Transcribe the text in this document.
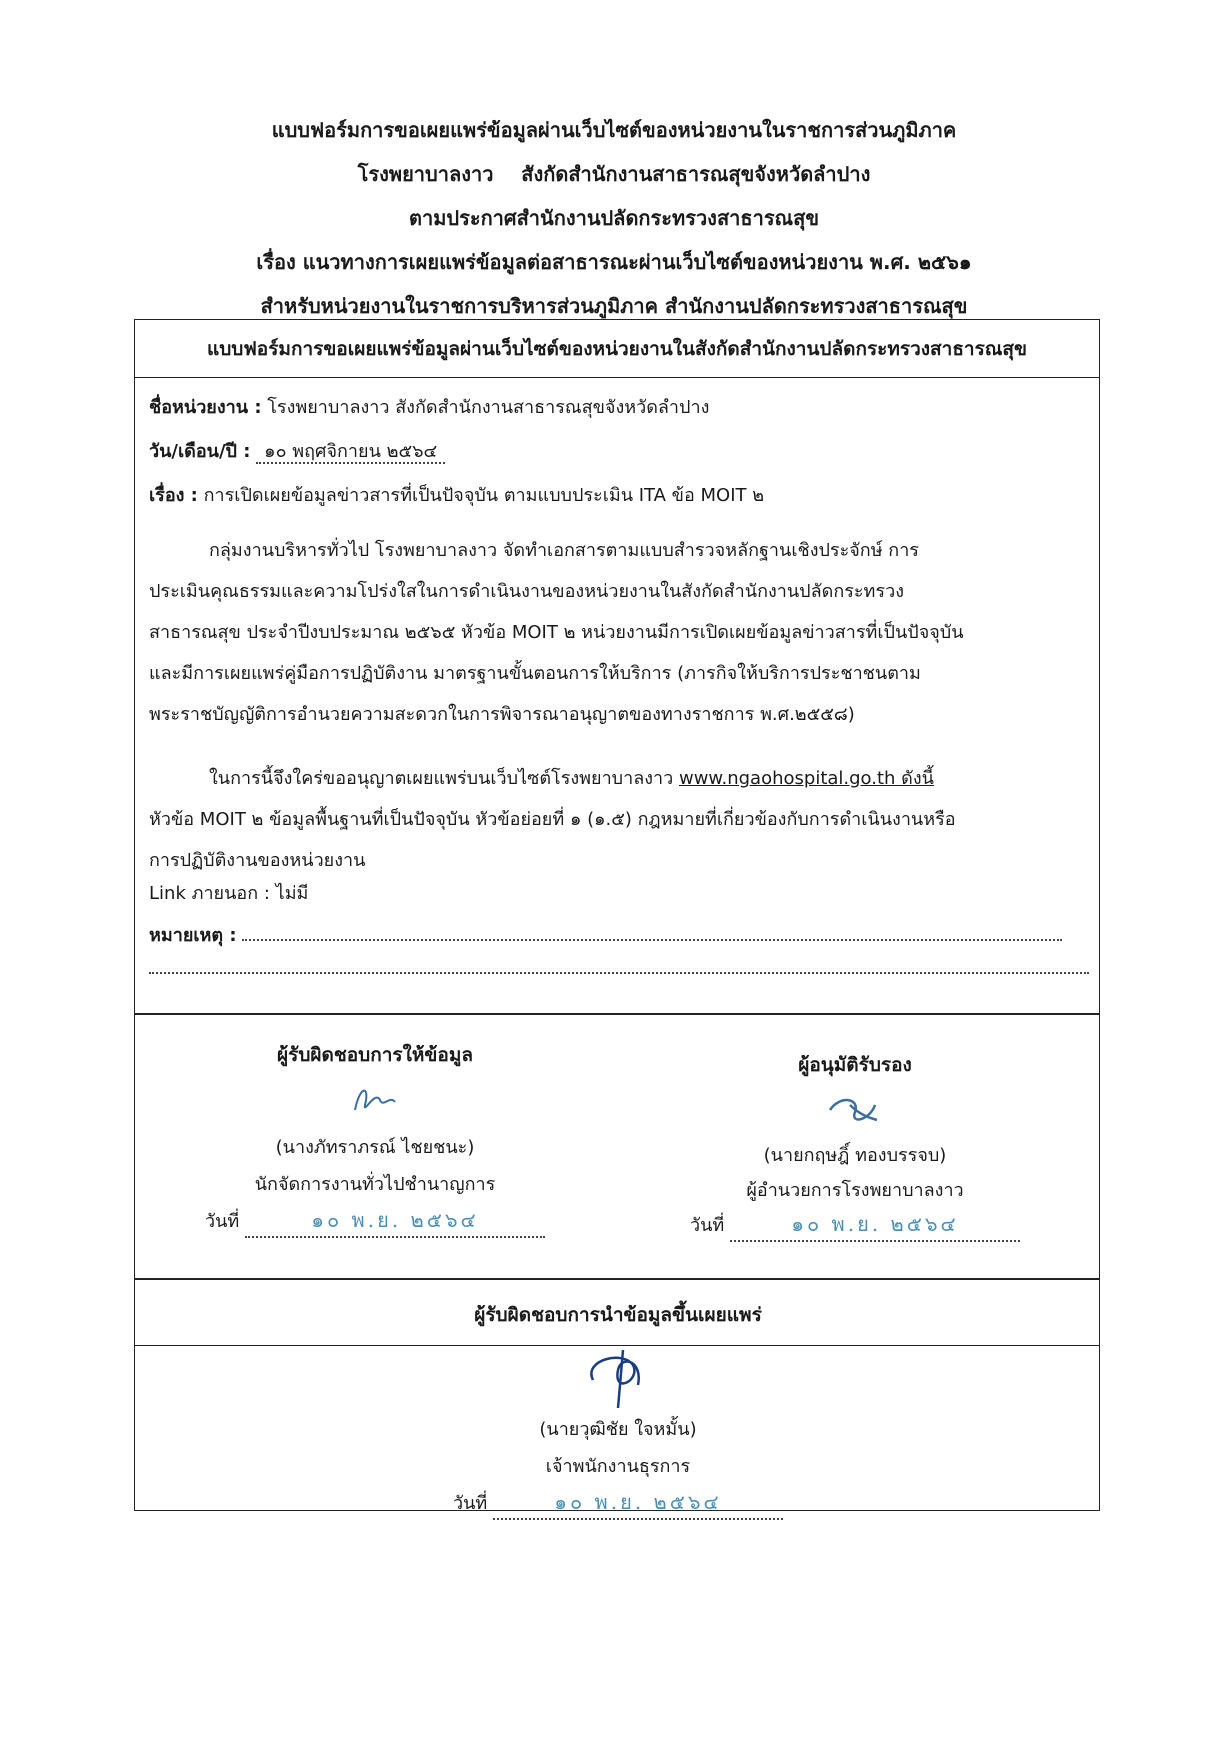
แบบฟอร์มการขอเผยแพร่ข้อมูลผ่านเว็บไซต์ของหน่วยงานในราชการส่วนภูมิภาค
โรงพยาบาลงาว    สังกัดสำนักงานสาธารณสุขจังหวัดลำปาง
ตามประกาศสำนักงานปลัดกระทรวงสาธารณสุข
เรื่อง แนวทางการเผยแพร่ข้อมูลต่อสาธารณะผ่านเว็บไซต์ของหน่วยงาน พ.ศ. ๒๕๖๑
สำหรับหน่วยงานในราชการบริหารส่วนภูมิภาค สำนักงานปลัดกระทรวงสาธารณสุข
แบบฟอร์มการขอเผยแพร่ข้อมูลผ่านเว็บไซต์ของหน่วยงานในสังกัดสำนักงานปลัดกระทรวงสาธารณสุข
ชื่อหน่วยงาน : โรงพยาบาลงาว สังกัดสำนักงานสาธารณสุขจังหวัดลำปาง
วัน/เดือน/ปี : ๑๐ พฤศจิกายน ๒๕๖๔
เรื่อง : การเปิดเผยข้อมูลข่าวสารที่เป็นปัจจุบัน ตามแบบประเมิน ITA ข้อ MOIT ๒
กลุ่มงานบริหารทั่วไป โรงพยาบาลงาว จัดทำเอกสารตามแบบสำรวจหลักฐานเชิงประจักษ์ การ
ประเมินคุณธรรมและความโปร่งใสในการดำเนินงานของหน่วยงานในสังกัดสำนักงานปลัดกระทรวง
สาธารณสุข ประจำปีงบประมาณ ๒๕๖๕ หัวข้อ MOIT ๒ หน่วยงานมีการเปิดเผยข้อมูลข่าวสารที่เป็นปัจจุบัน
และมีการเผยแพร่คู่มือการปฏิบัติงาน มาตรฐานขั้นตอนการให้บริการ (ภารกิจให้บริการประชาชนตาม
พระราชบัญญัติการอำนวยความสะดวกในการพิจารณาอนุญาตของทางราชการ พ.ศ.๒๕๕๘)
ในการนี้จึงใคร่ขออนุญาตเผยแพร่บนเว็บไซต์โรงพยาบาลงาว www.ngaohospital.go.th ดังนี้
หัวข้อ MOIT ๒ ข้อมูลพื้นฐานที่เป็นปัจจุบัน หัวข้อย่อยที่ ๑ (๑.๕) กฎหมายที่เกี่ยวข้องกับการดำเนินงานหรือ
การปฏิบัติงานของหน่วยงาน
Link ภายนอก : ไม่มี
หมายเหตุ :
ผู้รับผิดชอบการให้ข้อมูล
(นางภัทราภรณ์ ไชยชนะ)
นักจัดการงานทั่วไปชำนาญการ
วันที่	๑๐ พ.ย. ๒๕๖๔
ผู้อนุมัติรับรอง
(นายกฤษฎิ์ ทองบรรจบ)
ผู้อำนวยการโรงพยาบาลงาว
วันที่	๑๐ พ.ย. ๒๕๖๔
ผู้รับผิดชอบการนำข้อมูลขึ้นเผยแพร่
(นายวุฒิชัย ใจหมั้น)
เจ้าพนักงานธุรการ
วันที่	๑๐ พ.ย. ๒๕๖๔
